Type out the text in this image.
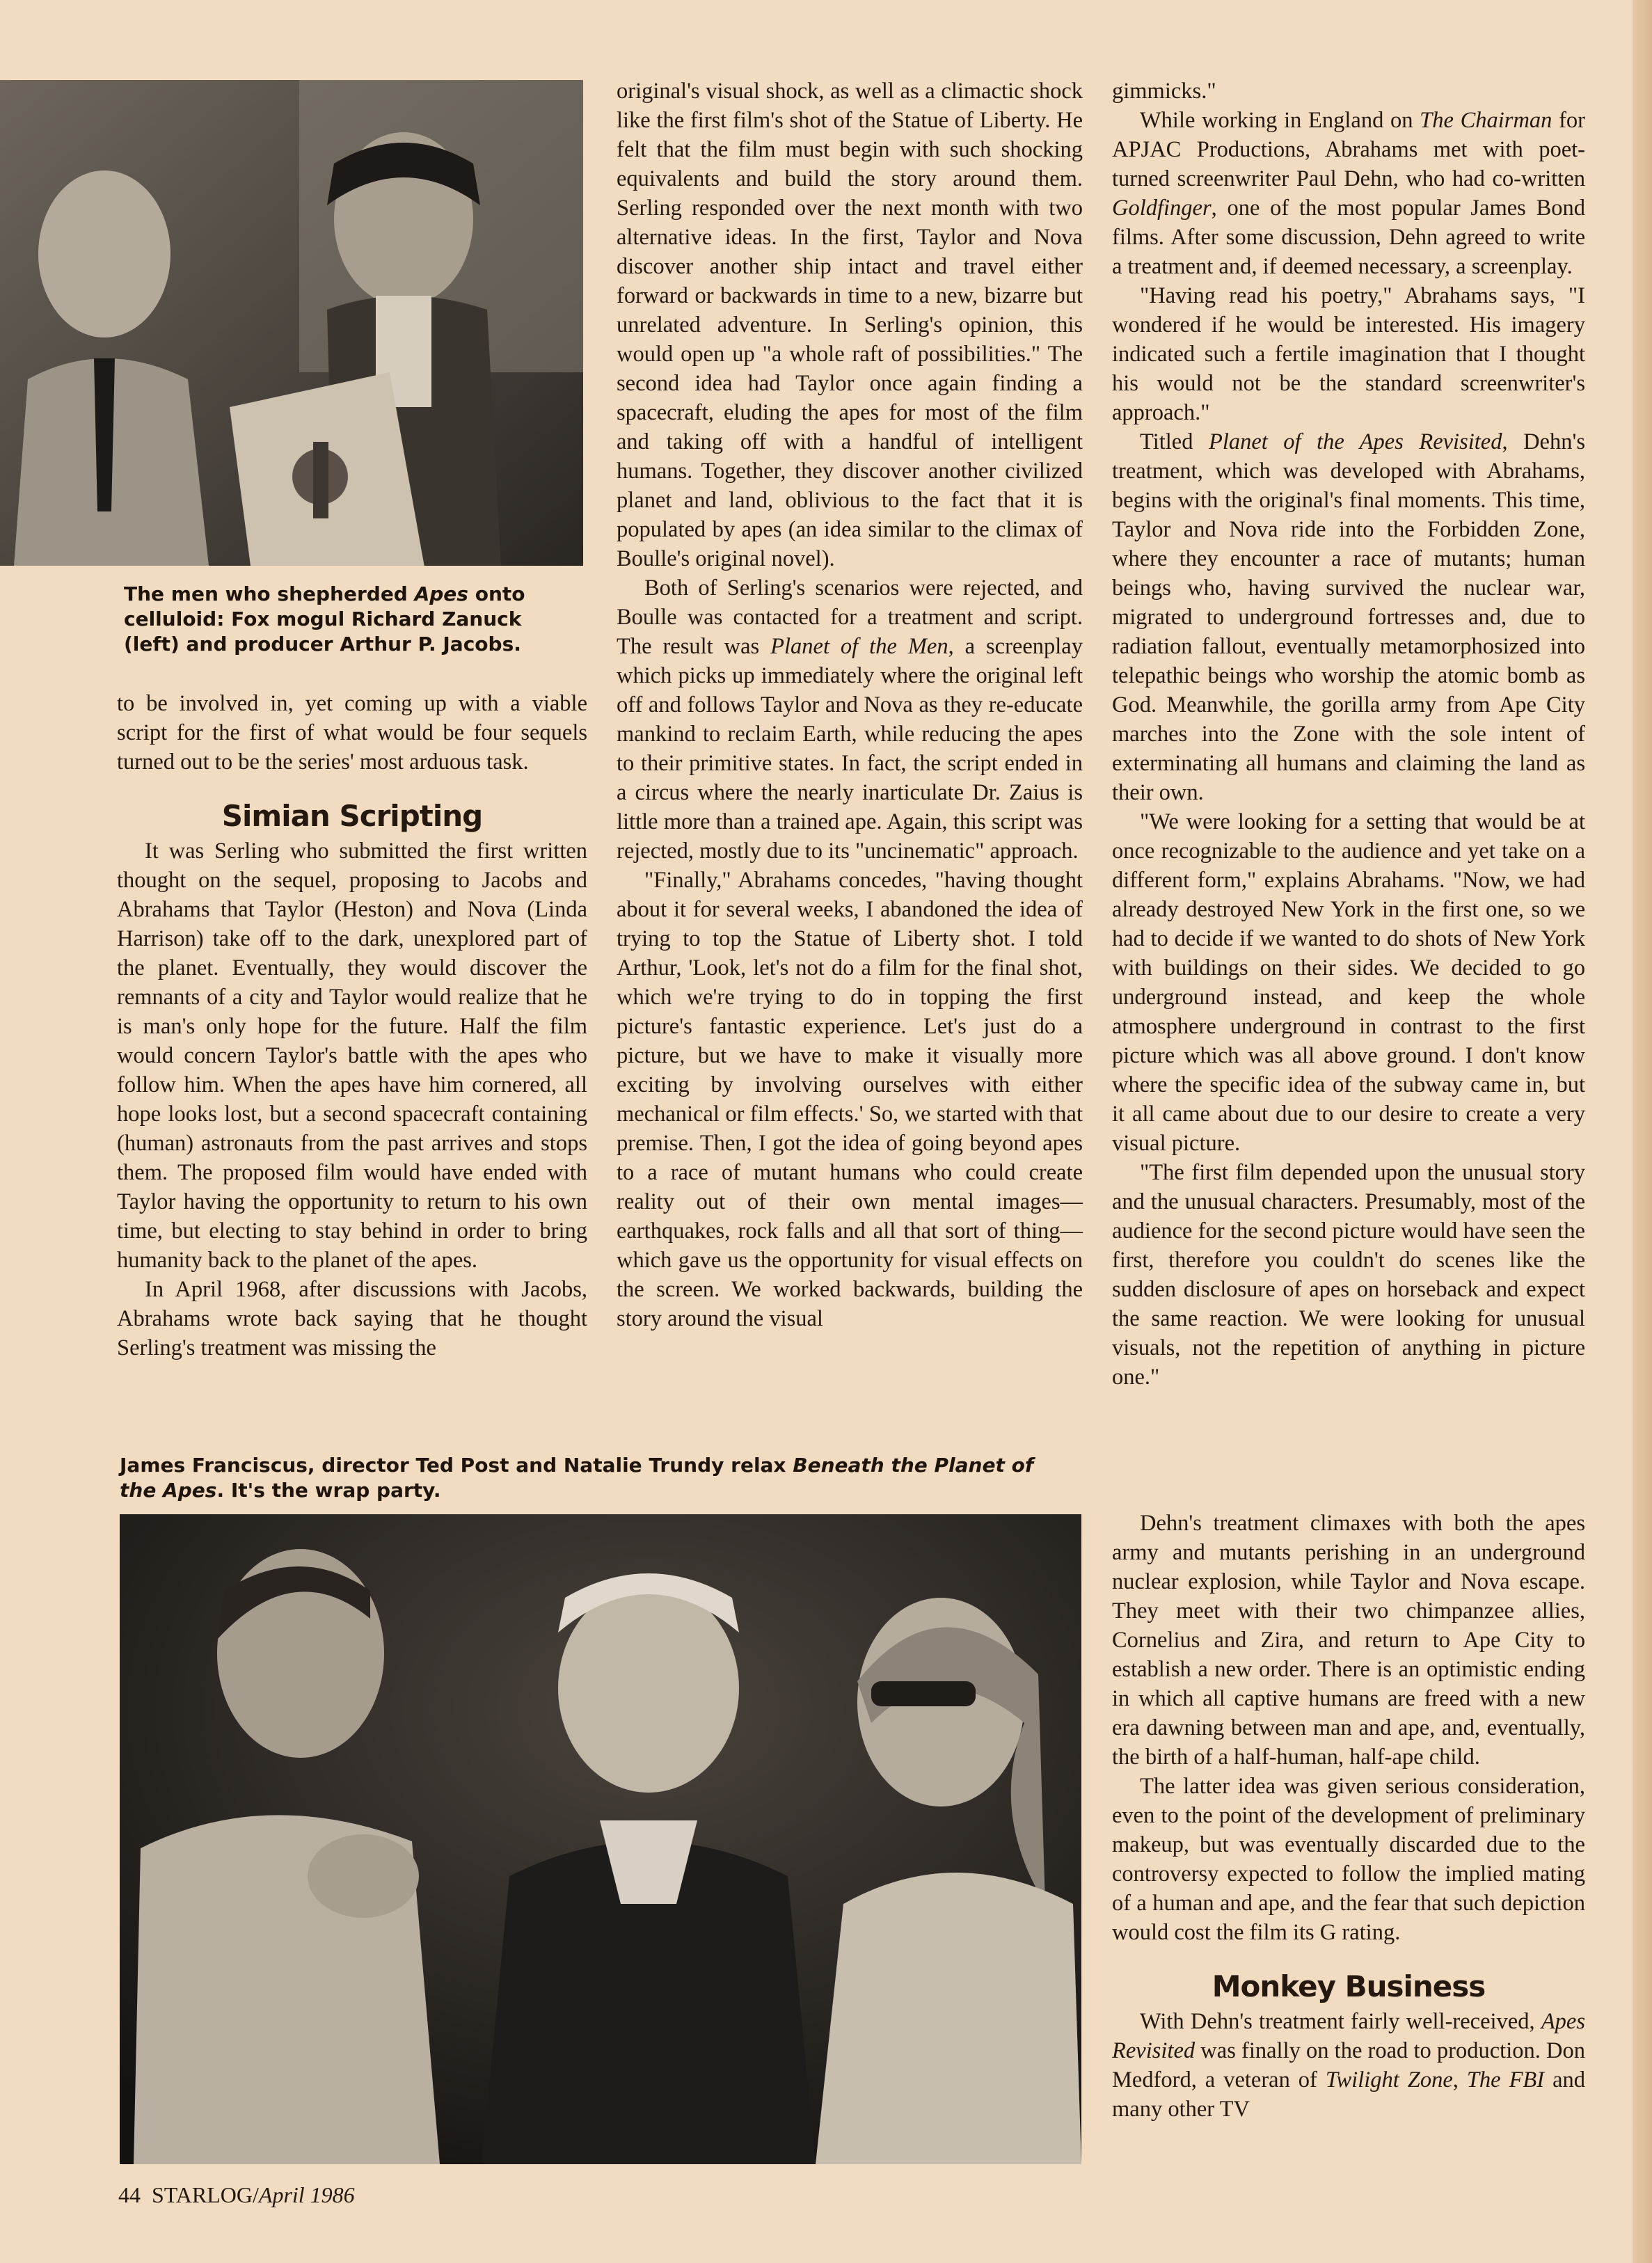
The men who shepherded Apes onto celluloid: Fox mogul Richard Zanuck (left) and producer Arthur P. Jacobs.

to be involved in, yet coming up with a viable script for the first of what would be four sequels turned out to be the series' most arduous task.

Simian Scripting

It was Serling who submitted the first written thought on the sequel, proposing to Jacobs and Abrahams that Taylor (Heston) and Nova (Linda Harrison) take off to the dark, unexplored part of the planet. Eventually, they would discover the remnants of a city and Taylor would realize that he is man's only hope for the future. Half the film would concern Taylor's battle with the apes who follow him. When the apes have him cornered, all hope looks lost, but a second spacecraft containing (human) astronauts from the past arrives and stops them. The proposed film would have ended with Taylor having the opportunity to return to his own time, but electing to stay behind in order to bring humanity back to the planet of the apes.

In April 1968, after discussions with Jacobs, Abrahams wrote back saying that he thought Serling's treatment was missing the

original's visual shock, as well as a climactic shock like the first film's shot of the Statue of Liberty. He felt that the film must begin with such shocking equivalents and build the story around them. Serling responded over the next month with two alternative ideas. In the first, Taylor and Nova discover another ship intact and travel either forward or backwards in time to a new, bizarre but unrelated adventure. In Serling's opinion, this would open up "a whole raft of possibilities." The second idea had Taylor once again finding a spacecraft, eluding the apes for most of the film and taking off with a handful of intelligent humans. Together, they discover another civilized planet and land, oblivious to the fact that it is populated by apes (an idea similar to the climax of Boulle's original novel).

Both of Serling's scenarios were rejected, and Boulle was contacted for a treatment and script. The result was Planet of the Men, a screenplay which picks up immediately where the original left off and follows Taylor and Nova as they re-educate mankind to reclaim Earth, while reducing the apes to their primitive states. In fact, the script ended in a circus where the nearly inarticulate Dr. Zaius is little more than a trained ape. Again, this script was rejected, mostly due to its "uncinematic" approach.

"Finally," Abrahams concedes, "having thought about it for several weeks, I abandoned the idea of trying to top the Statue of Liberty shot. I told Arthur, 'Look, let's not do a film for the final shot, which we're trying to do in topping the first picture's fantastic experience. Let's just do a picture, but we have to make it visually more exciting by involving ourselves with either mechanical or film effects.' So, we started with that premise. Then, I got the idea of going beyond apes to a race of mutant humans who could create reality out of their own mental images—earthquakes, rock falls and all that sort of thing—which gave us the opportunity for visual effects on the screen. We worked backwards, building the story around the visual

gimmicks."

While working in England on The Chairman for APJAC Productions, Abrahams met with poet-turned screenwriter Paul Dehn, who had co-written Goldfinger, one of the most popular James Bond films. After some discussion, Dehn agreed to write a treatment and, if deemed necessary, a screenplay.

"Having read his poetry," Abrahams says, "I wondered if he would be interested. His imagery indicated such a fertile imagination that I thought his would not be the standard screenwriter's approach."

Titled Planet of the Apes Revisited, Dehn's treatment, which was developed with Abrahams, begins with the original's final moments. This time, Taylor and Nova ride into the Forbidden Zone, where they encounter a race of mutants; human beings who, having survived the nuclear war, migrated to underground fortresses and, due to radiation fallout, eventually metamorphosized into telepathic beings who worship the atomic bomb as God. Meanwhile, the gorilla army from Ape City marches into the Zone with the sole intent of exterminating all humans and claiming the land as their own.

"We were looking for a setting that would be at once recognizable to the audience and yet take on a different form," explains Abrahams. "Now, we had already destroyed New York in the first one, so we had to decide if we wanted to do shots of New York with buildings on their sides. We decided to go underground instead, and keep the whole atmosphere underground in contrast to the first picture which was all above ground. I don't know where the specific idea of the subway came in, but it all came about due to our desire to create a very visual picture.

"The first film depended upon the unusual story and the unusual characters. Presumably, most of the audience for the second picture would have seen the first, therefore you couldn't do scenes like the sudden disclosure of apes on horseback and expect the same reaction. We were looking for unusual visuals, not the repetition of anything in picture one."

Dehn's treatment climaxes with both the apes army and mutants perishing in an underground nuclear explosion, while Taylor and Nova escape. They meet with their two chimpanzee allies, Cornelius and Zira, and return to Ape City to establish a new order. There is an optimistic ending in which all captive humans are freed with a new era dawning between man and ape, and, eventually, the birth of a half-human, half-ape child.

The latter idea was given serious consideration, even to the point of the development of preliminary makeup, but was eventually discarded due to the controversy expected to follow the implied mating of a human and ape, and the fear that such depiction would cost the film its G rating.

Monkey Business

With Dehn's treatment fairly well-received, Apes Revisited was finally on the road to production. Don Medford, a veteran of Twilight Zone, The FBI and many other TV

James Franciscus, director Ted Post and Natalie Trundy relax Beneath the Planet of the Apes. It's the wrap party.
44 STARLOG/April 1986
